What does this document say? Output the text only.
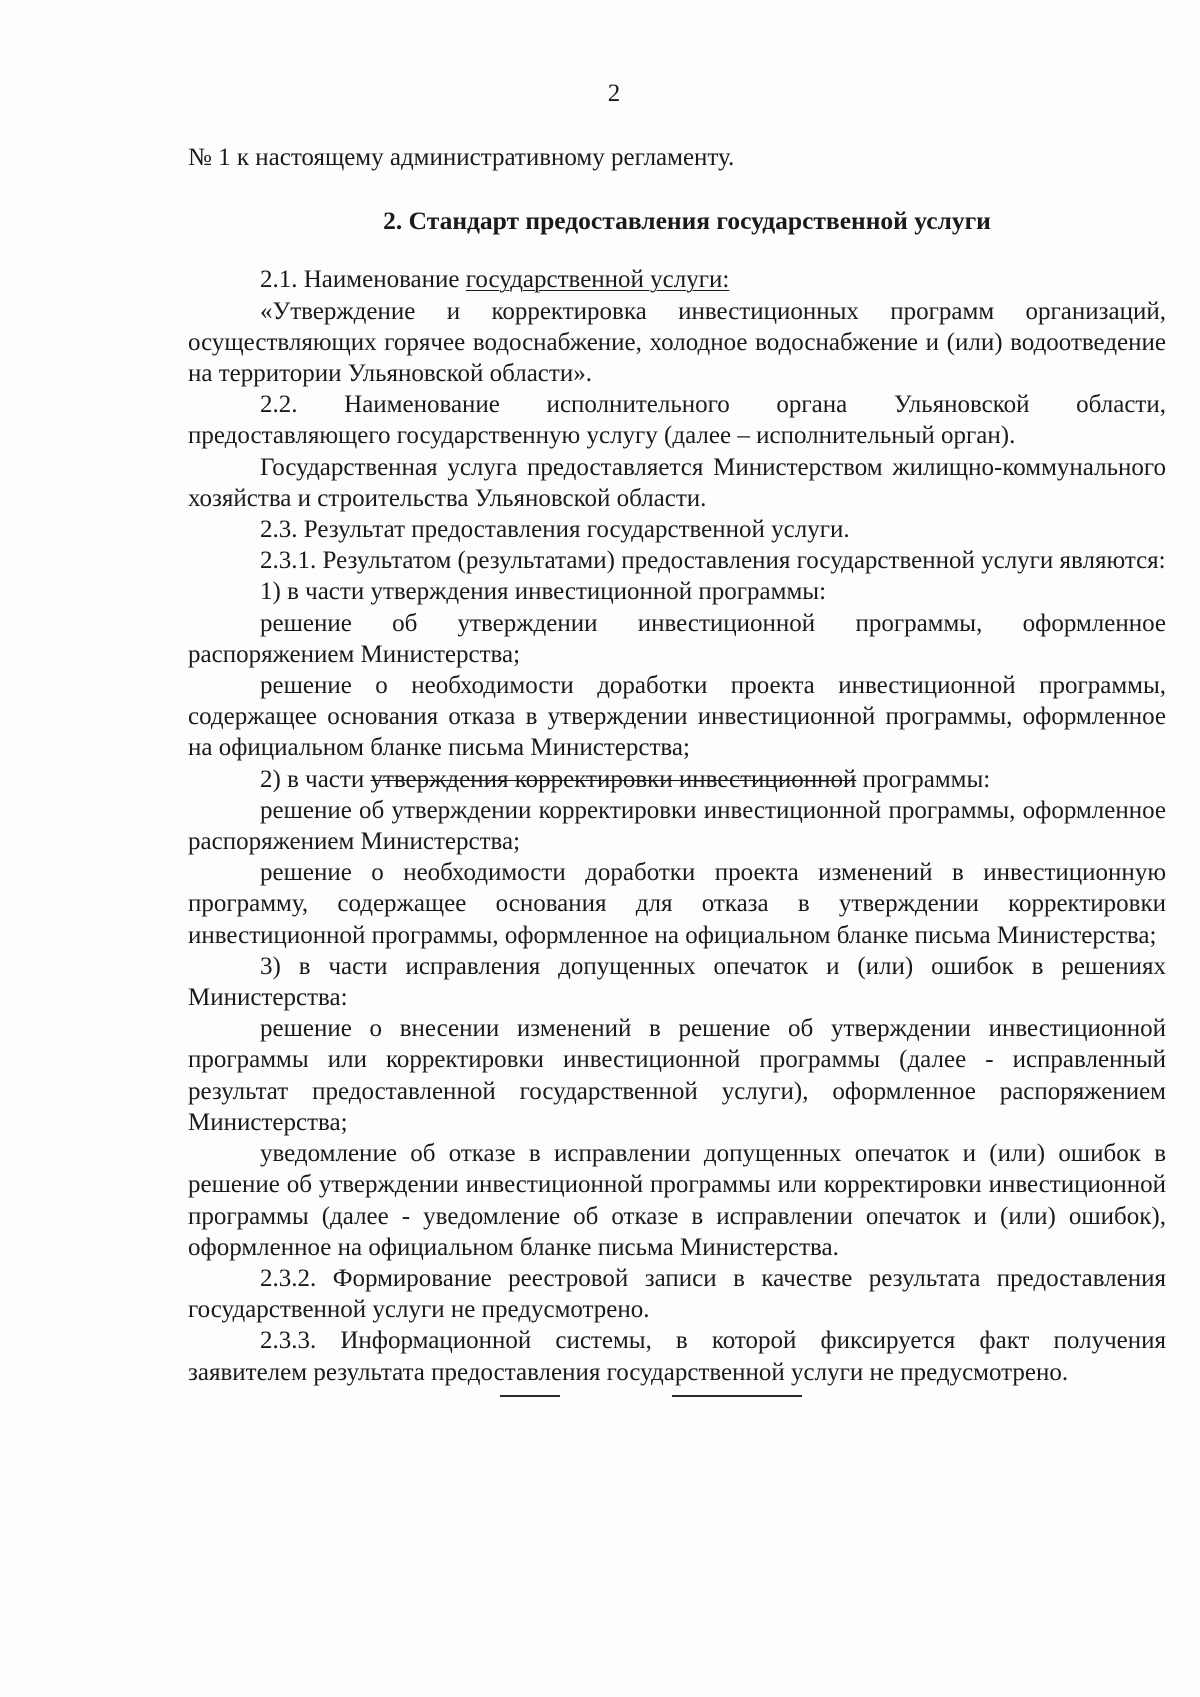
2

№ 1 к настоящему административному регламенту.

2. Стандарт предоставления государственной услуги

2.1. Наименование государственной услуги:

«Утверждение и корректировка инвестиционных программ организаций, осуществляющих горячее водоснабжение, холодное водоснабжение и (или) водоотведение на территории Ульяновской области».

2.2. Наименование исполнительного органа Ульяновской области, предоставляющего государственную услугу (далее – исполнительный орган).

Государственная услуга предоставляется Министерством жилищно-коммунального хозяйства и строительства Ульяновской области.

2.3. Результат предоставления государственной услуги.

2.3.1. Результатом (результатами) предоставления государственной услуги являются:

1) в части утверждения инвестиционной программы:

решение об утверждении инвестиционной программы, оформленное распоряжением Министерства;

решение о необходимости доработки проекта инвестиционной программы, содержащее основания отказа в утверждении инвестиционной программы, оформленное на официальном бланке письма Министерства;

2) в части утверждения корректировки инвестиционной программы:

решение об утверждении корректировки инвестиционной программы, оформленное распоряжением Министерства;

решение о необходимости доработки проекта изменений в инвестиционную программу, содержащее основания для отказа в утверждении корректировки инвестиционной программы, оформленное на официальном бланке письма Министерства;

3) в части исправления допущенных опечаток и (или) ошибок в решениях Министерства:

решение о внесении изменений в решение об утверждении инвестиционной программы или корректировки инвестиционной программы (далее - исправленный результат предоставленной государственной услуги), оформленное распоряжением Министерства;

уведомление об отказе в исправлении допущенных опечаток и (или) ошибок в решение об утверждении инвестиционной программы или корректировки инвестиционной программы (далее - уведомление об отказе в исправлении опечаток и (или) ошибок), оформленное на официальном бланке письма Министерства.

2.3.2. Формирование реестровой записи в качестве результата предоставления государственной услуги не предусмотрено.

2.3.3. Информационной системы, в которой фиксируется факт получения заявителем результата предоставления государственной услуги не предусмотрено.
